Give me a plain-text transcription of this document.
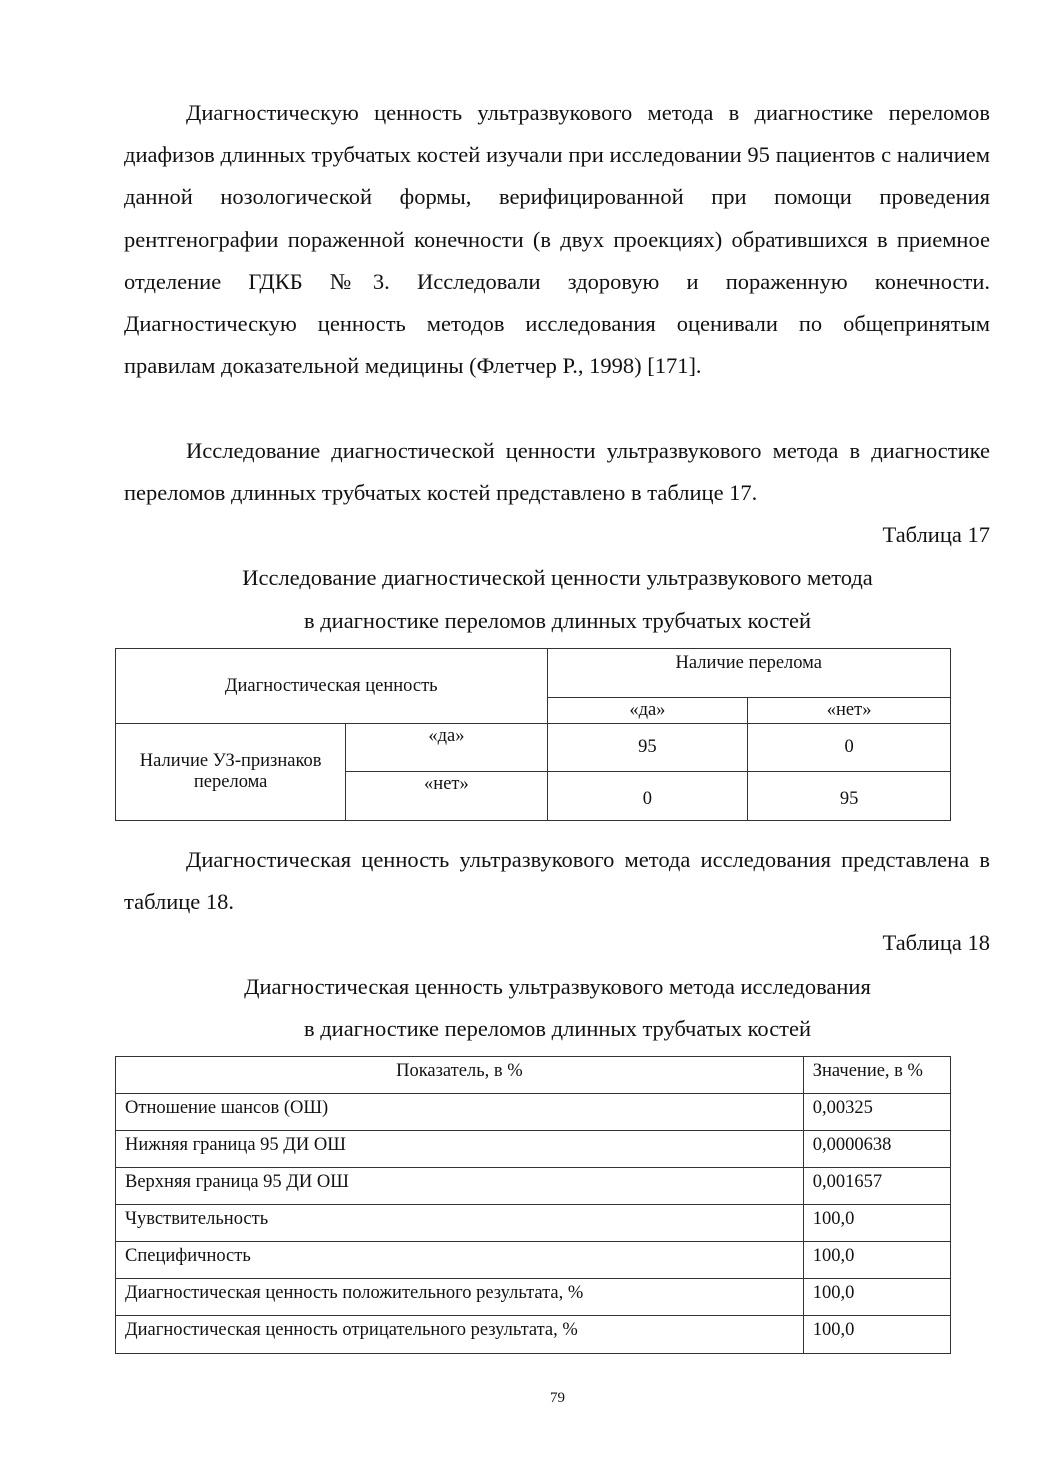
Диагностическую ценность ультразвукового метода в диагностике переломов диафизов длинных трубчатых костей изучали при исследовании 95 пациентов с наличием данной нозологической формы, верифицированной при помощи проведения рентгенографии пораженной конечности (в двух проекциях) обратившихся в приемное отделение ГДКБ №3. Исследовали здоровую и пораженную конечности. Диагностическую ценность методов исследования оценивали по общепринятым правилам доказательной медицины (Флетчер Р., 1998) [171].

Исследование диагностической ценности ультразвукового метода в диагностике переломов длинных трубчатых костей представлено в таблице 17.

Таблица 17
Исследование диагностической ценности ультразвукового метода
в диагностике переломов длинных трубчатых костей
Диагностическая ценность		Наличие перелома	
		«да»	«нет»
Наличие УЗ-признаков перелома	«да»	95	0
	«нет»	0	95

Диагностическая ценность ультразвукового метода исследования представлена в таблице 18.

Таблица 18
Диагностическая ценность ультразвукового метода исследования
в диагностике переломов длинных трубчатых костей
Показатель, в %	Значение, в %
Отношение шансов (ОШ)	0,00325
Нижняя граница 95 ДИ ОШ	0,0000638
Верхняя граница 95 ДИ ОШ	0,001657
Чувствительность	100,0
Специфичность	100,0
Диагностическая ценность положительного результата, %	100,0
Диагностическая ценность отрицательного результата, %	100,0
79
